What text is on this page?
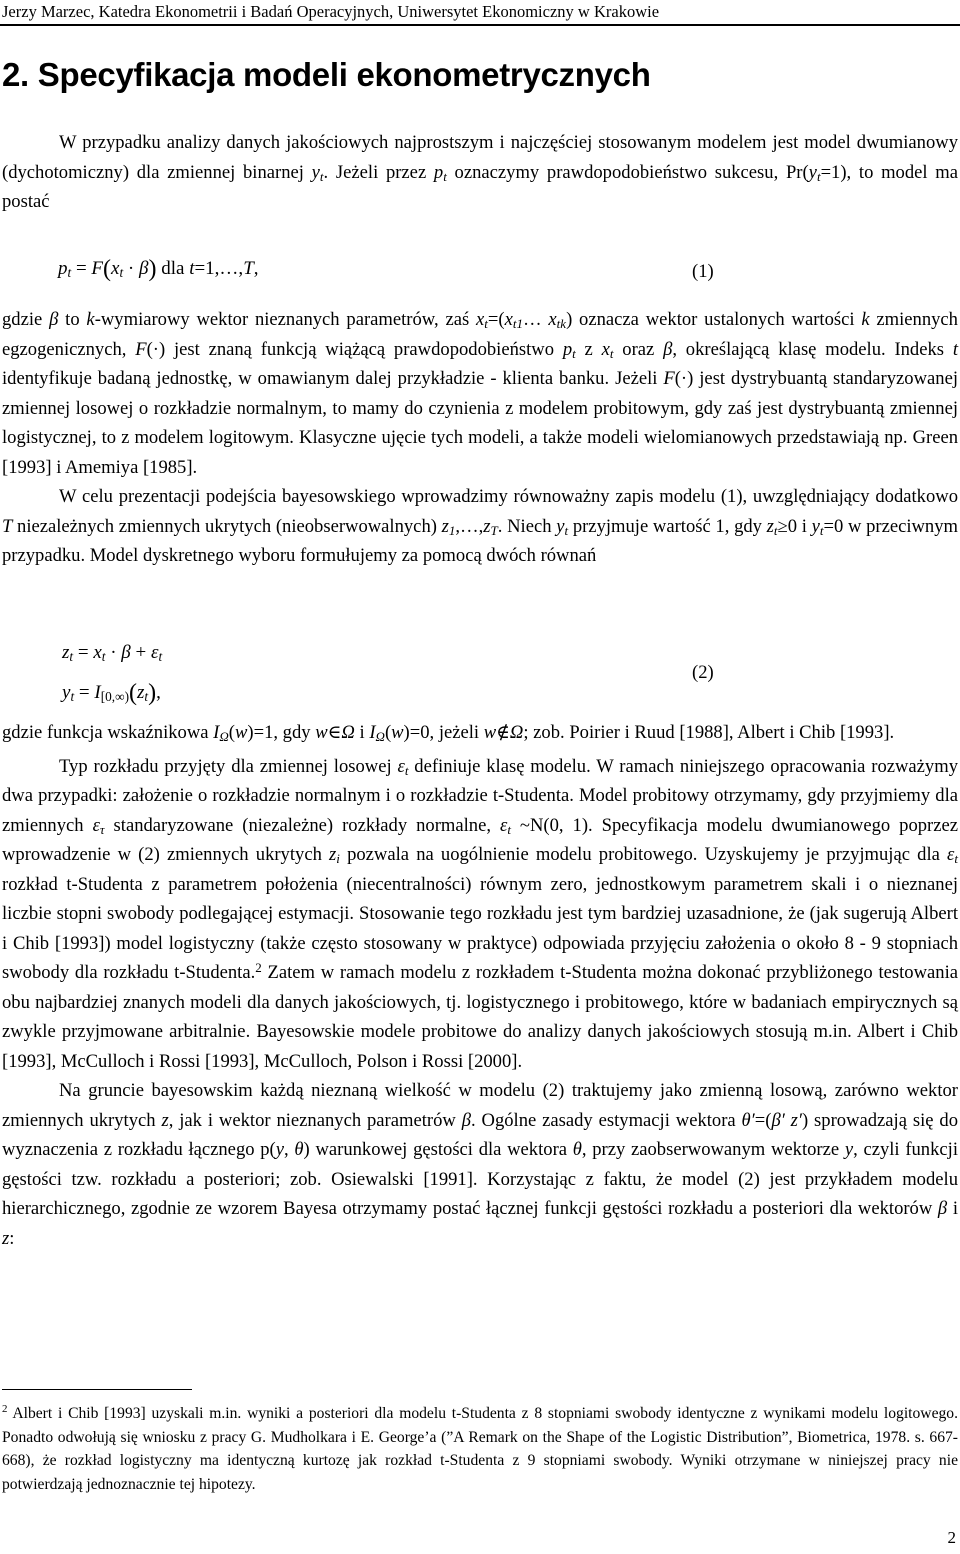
Jerzy Marzec, Katedra Ekonometrii i Badań Operacyjnych, Uniwersytet Ekonomiczny w Krakowie
2. Specyfikacja modeli ekonometrycznych

W przypadku analizy danych jakościowych najprostszym i najczęściej stosowanym modelem jest model dwumianowy (dychotomiczny) dla zmiennej binarnej $y_t$. Jeżeli przez $p_t$ oznaczymy prawdopodobieństwo sukcesu, $Pr(y_t=1)$, to model ma postać

$p_t = F(x_t \cdot \beta)$ dla t=1,…,T,	(1)

gdzie β to k-wymiarowy wektor nieznanych parametrów, zaś $x_t=(x_{t1}\dots$ $x_{tk}$) oznacza wektor ustalonych wartości k zmiennych egzogenicznych, F(·) jest znaną funkcją wiążącą prawdopodobieństwo $p_t$ z $x_t$ oraz β, określającą klasę modelu. Indeks t identyfikuje badaną jednostkę, w omawianym dalej przykładzie - klienta banku. Jeżeli F(·) jest dystrybuantą standaryzowanej zmiennej losowej o rozkładzie normalnym, to mamy do czynienia z modelem probitowym, gdy zaś jest dystrybuantą zmiennej logistycznej, to z modelem logitowym. Klasyczne ujęcie tych modeli, a także modeli wielomianowych przedstawiają np. Green [1993] i Amemiya [1985].

W celu prezentacji podejścia bayesowskiego wprowadzimy równoważny zapis modelu (1), uwzględniający dodatkowo T niezależnych zmiennych ukrytych (nieobserwowalnych) $z_1,\dots,z_T$. Niech $y_t$ przyjmuje wartość 1, gdy $z_t\ge 0$ i $y_t=0$ w przeciwnym przypadku. Model dyskretnego wyboru formułujemy za pomocą dwóch równań

$z_t = x_t \cdot \beta + \varepsilon_t$
$y_t = I_{[0,\infty)}(z_t)$,
(2)

gdzie funkcja wskaźnikowa $I_\Omega(w)=1$, gdy w∈Ω i $I_\Omega(w)=0$, jeżeli w∉Ω; zob. Poirier i Ruud [1988], Albert i Chib [1993].

Typ rozkładu przyjęty dla zmiennej losowej $\varepsilon_t$ definiuje klasę modelu. W ramach niniejszego opracowania rozważymy dwa przypadki: założenie o rozkładzie normalnym i o rozkładzie t-Studenta. Model probitowy otrzymamy, gdy przyjmiemy dla zmiennych $\varepsilon_\tau$ standaryzowane (niezależne) rozkłady normalne, $\varepsilon_t$ ~N(0, 1). Specyfikacja modelu dwumianowego poprzez wprowadzenie w (2) zmiennych ukrytych $z_i$ pozwala na uogólnienie modelu probitowego. Uzyskujemy je przyjmując dla $\varepsilon_t$ rozkład t-Studenta z parametrem położenia (niecentralności) równym zero, jednostkowym parametrem skali i o nieznanej liczbie stopni swobody podlegającej estymacji. Stosowanie tego rozkładu jest tym bardziej uzasadnione, że (jak sugerują Albert i Chib [1993]) model logistyczny (także często stosowany w praktyce) odpowiada przyjęciu założenia o około 8 - 9 stopniach swobody dla rozkładu t-Studenta.$^2$ Zatem w ramach modelu z rozkładem t-Studenta można dokonać przybliżonego testowania obu najbardziej znanych modeli dla danych jakościowych, tj. logistycznego i probitowego, które w badaniach empirycznych są zwykle przyjmowane arbitralnie. Bayesowskie modele probitowe do analizy danych jakościowych stosują m.in. Albert i Chib [1993], McCulloch i Rossi [1993], McCulloch, Polson i Rossi [2000].

Na gruncie bayesowskim każdą nieznaną wielkość w modelu (2) traktujemy jako zmienną losową, zarówno wektor zmiennych ukrytych z, jak i wektor nieznanych parametrów β. Ogólne zasady estymacji wektora θ′=(β′ z′) sprowadzają się do wyznaczenia z rozkładu łącznego p(y, θ) warunkowej gęstości dla wektora θ, przy zaobserwowanym wektorze y, czyli funkcji gęstości tzw. rozkładu a posteriori; zob. Osiewalski [1991]. Korzystając z faktu, że model (2) jest przykładem modelu hierarchicznego, zgodnie ze wzorem Bayesa otrzymamy postać łącznej funkcji gęstości rozkładu a posteriori dla wektorów β i z:

$^2$ Albert i Chib [1993] uzyskali m.in. wyniki a posteriori dla modelu t-Studenta z 8 stopniami swobody identyczne z wynikami modelu logitowego. Ponadto odwołują się wniosku z pracy G. Mudholkara i E. George’a (”A Remark on the Shape of the Logistic Distribution”, Biometrica, 1978. s. 667-668), że rozkład logistyczny ma identyczną kurtozę jak rozkład t-Studenta z 9 stopniami swobody. Wyniki otrzymane w niniejszej pracy nie potwierdzają jednoznacznie tej hipotezy.
2
